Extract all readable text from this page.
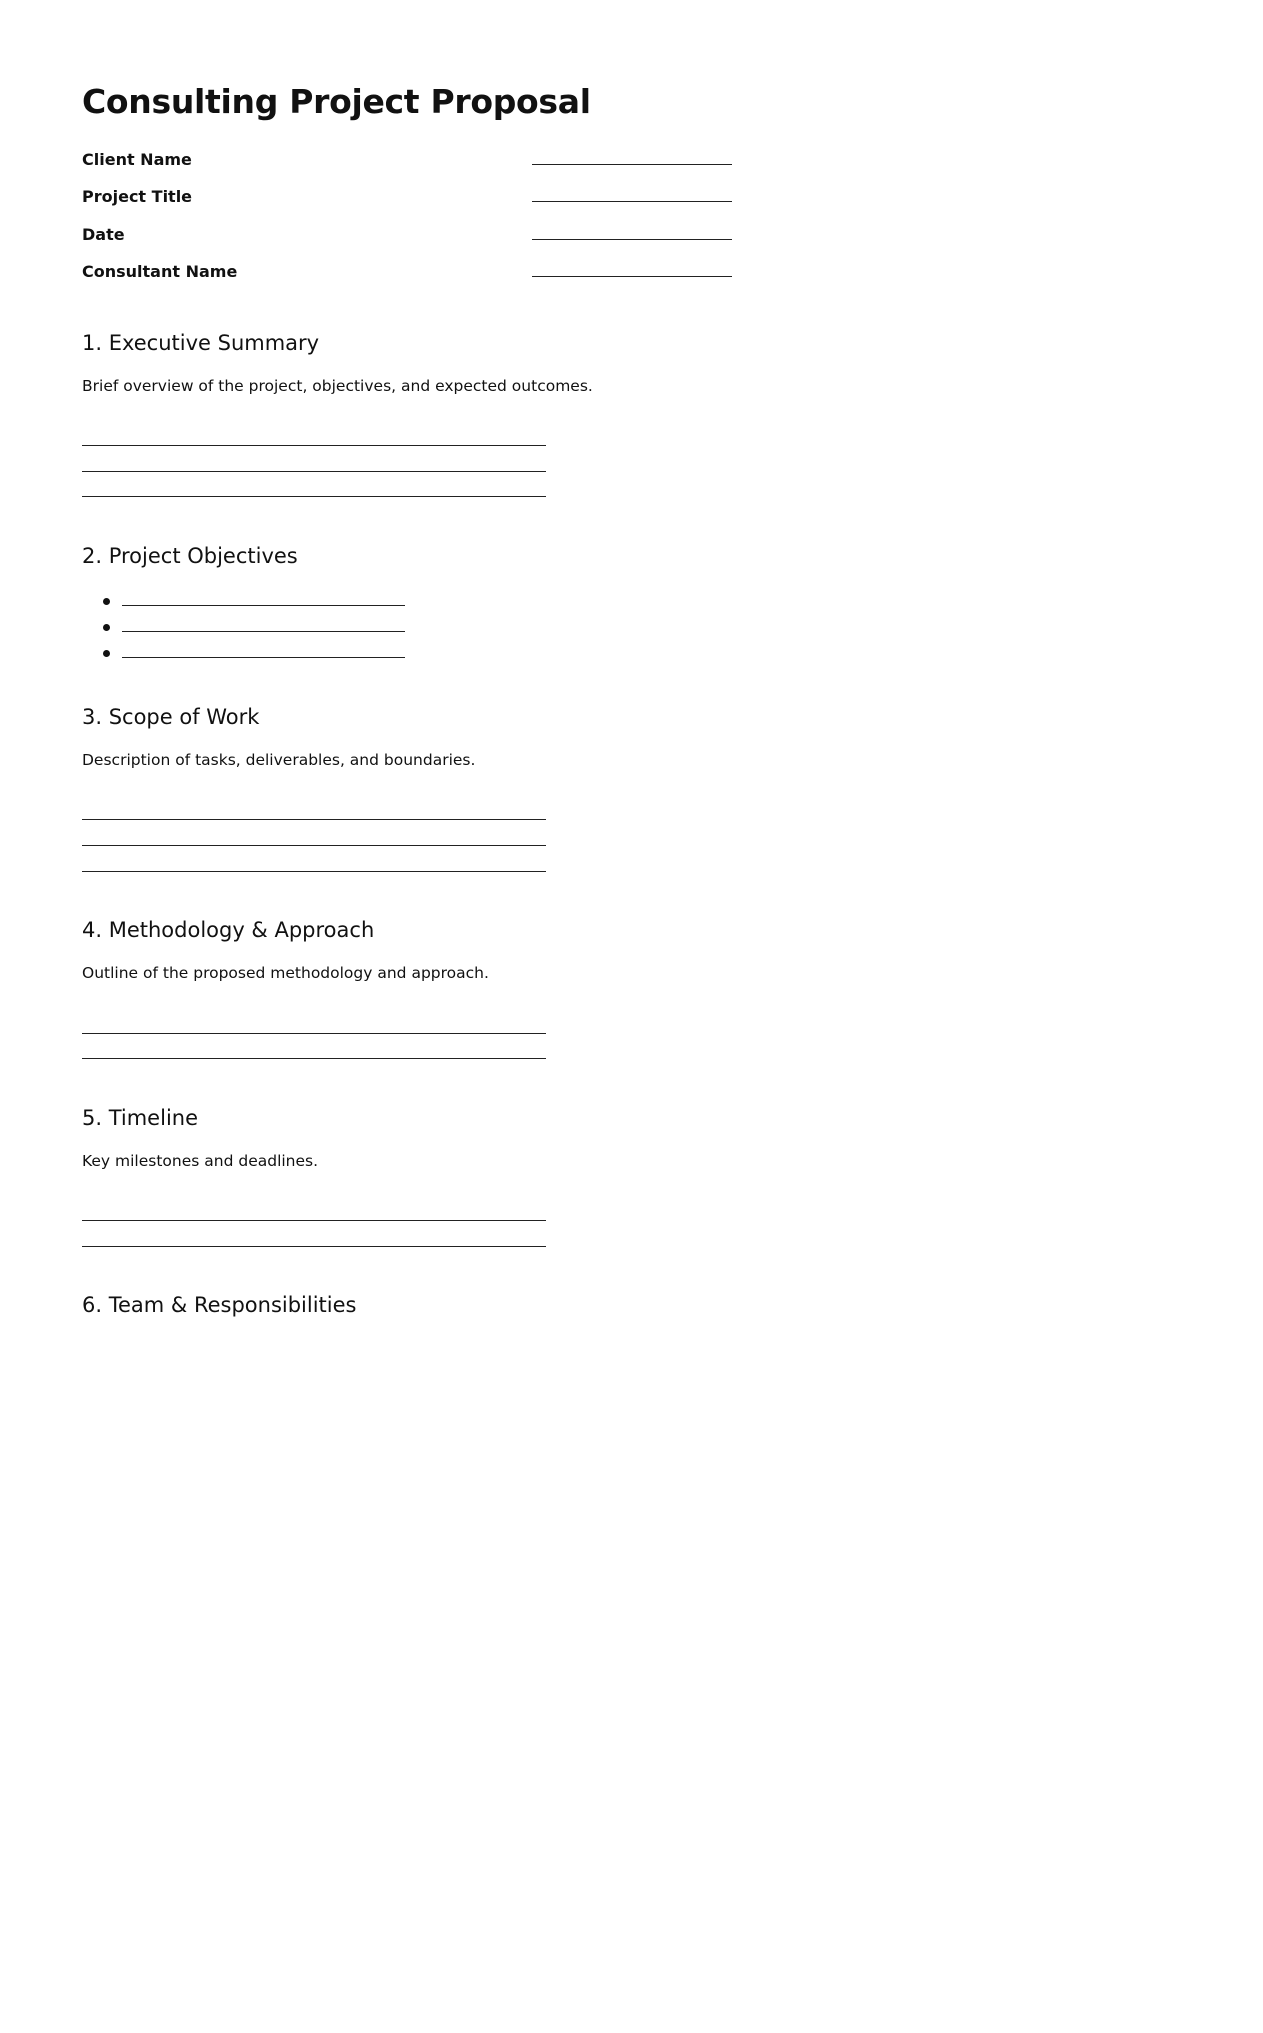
Consulting Project Proposal
Client Name
Project Title
Date
Consultant Name
1. Executive Summary

Brief overview of the project, objectives, and expected outcomes.

2. Project Objectives
3. Scope of Work

Description of tasks, deliverables, and boundaries.

4. Methodology & Approach

Outline of the proposed methodology and approach.

5. Timeline

Key milestones and deadlines.

6. Team & Responsibilities
